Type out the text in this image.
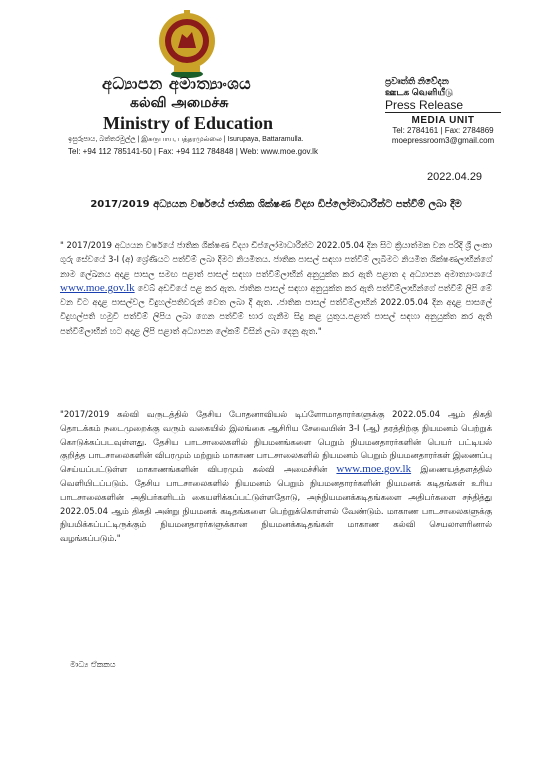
අධ්‍යාපන අමාත්‍යාංශය
கல்வி அமைச்சு
Ministry of Education
ඉසුරුපාය, බත්තරමුල්ල | இசுருபாய, பத்தரமுல்லை | Isurupaya, Battaramulla.
Tel: +94 112 785141-50 | Fax: +94 112 784848 | Web: www.moe.gov.lk
ප්‍රවෘත්ති නිවේදන
ஊடக வெளியீடு
Press Release
MEDIA UNIT
Tel: 2784161 | Fax: 2784869
moepressroom3@gmail.com
2022.04.29
2017/2019 අධ්‍යයන වර්ෂයේ ජාතික ශික්ෂණ විද්‍යා ඩිප්ලෝමාධාරීන්ට පත්වීම් ලබා දීම
" 2017/2019 අධ්‍යයන වර්ෂයේ ජාතික ශික්ෂණ විද්‍යා ඩිප්ලෝමාධාරීන්ට 2022.05.04 දින සිට ක්‍රියාත්මක වන පරිදි ශ්‍රී ලංකා ගුරු සේවයේ 3-I (අ) ශ්‍රේණියට පත්වීම් ලබා දීමට නියමිතය. ජාතික පාසල් සඳහා පත්වීම් ලැබීමට නියමිත ශික්ෂණලාභීන්ගේ නාම ලේඛනය අදාළ පාසල සමඟ පළාත් පාසල් සඳහා පත්වීම්ලාභීන් අනුයුක්ත කර ඇති පළාත ද අධ්‍යාපන අමාත්‍යාංශයේ www.moe.gov.lk වෙබ් අඩවියේ පළ කර ඇත. ජාතික පාසල් සඳහා අනුයුක්ත කර ඇති පත්වීම්ලාභීන්ගේ පත්වීම් ලිපි මේ වන විට අදාළ පාසල්වල විදුහල්පතිවරුන් වෙත ලබා දී ඇත. .ජාතික පාසල් පත්වීම්ලාභීන් 2022.05.04 දින අදාළ පාසලේ විදුහල්පති හමුවී පත්වීම් ලිපිය ලබා ගෙන පත්වීම් භාර ගැනීම සිදු කළ යුතුය.පළාත් පාසල් සඳහා අනුයුක්ත කර ඇති පත්වීම්ලාභීන් හට අදාළ ලිපි පළාත් අධ්‍යාපන ලේකම් විසින් ලබා දෙනු ඇත."
"2017/2019 கல்வி வருடத்தில் தேசிய போதனாவியல் டிப்ளோமாதாரர்களுக்கு 2022.05.04 ஆம் திகதி தொடக்கம் நடைமுறைக்கு வரும் வகையில் இலங்கை ஆசிரிய சேவையின் 3-I (ஆ) தரத்திற்கு நியமனம் பெற்றுக் கொடுக்கப்படவுள்ளது. தேசிய பாடசாலைகளில் நியமனங்களை பெறும் நியமனதாரர்களின் பெயர் பட்டியல் குறித்த பாடசாலைகளின் விபரமும் மற்றும் மாகாண பாடசாலைகளில் நியமனம் பெறும் நியமனதாரர்கள் இணைப்பு செய்யப்பட்டுள்ள மாகாணங்களின் விபரமும் கல்வி அமைச்சின் www.moe.gov.lk இணையத்தளத்தில் வெளியிடப்படும். தேசிய பாடசாலைகளில் நியமனம் பெறும் நியமனதாரர்களின் நியமனக் கடிதங்கள் உரிய பாடசாலைகளின் அதிபர்களிடம் கையளிக்கப்பட்டுள்ளதோடு, அந்நியமனக்கடிதங்களை அதிபர்களை சந்தித்து 2022.05.04 ஆம் திகதி அன்று நியமனக் கடிதங்களை பெற்றுக்கொள்ளல் வேண்டும். மாகாண பாடசாலைகளுக்கு நியமிக்கப்பட்டிருக்கும் நியமனதாரர்களுக்கான நியமனக்கடிதங்கள் மாகாண கல்வி செயலாளரினால் வழங்கப்படும்."
මාධ්‍ය ඒකකය
